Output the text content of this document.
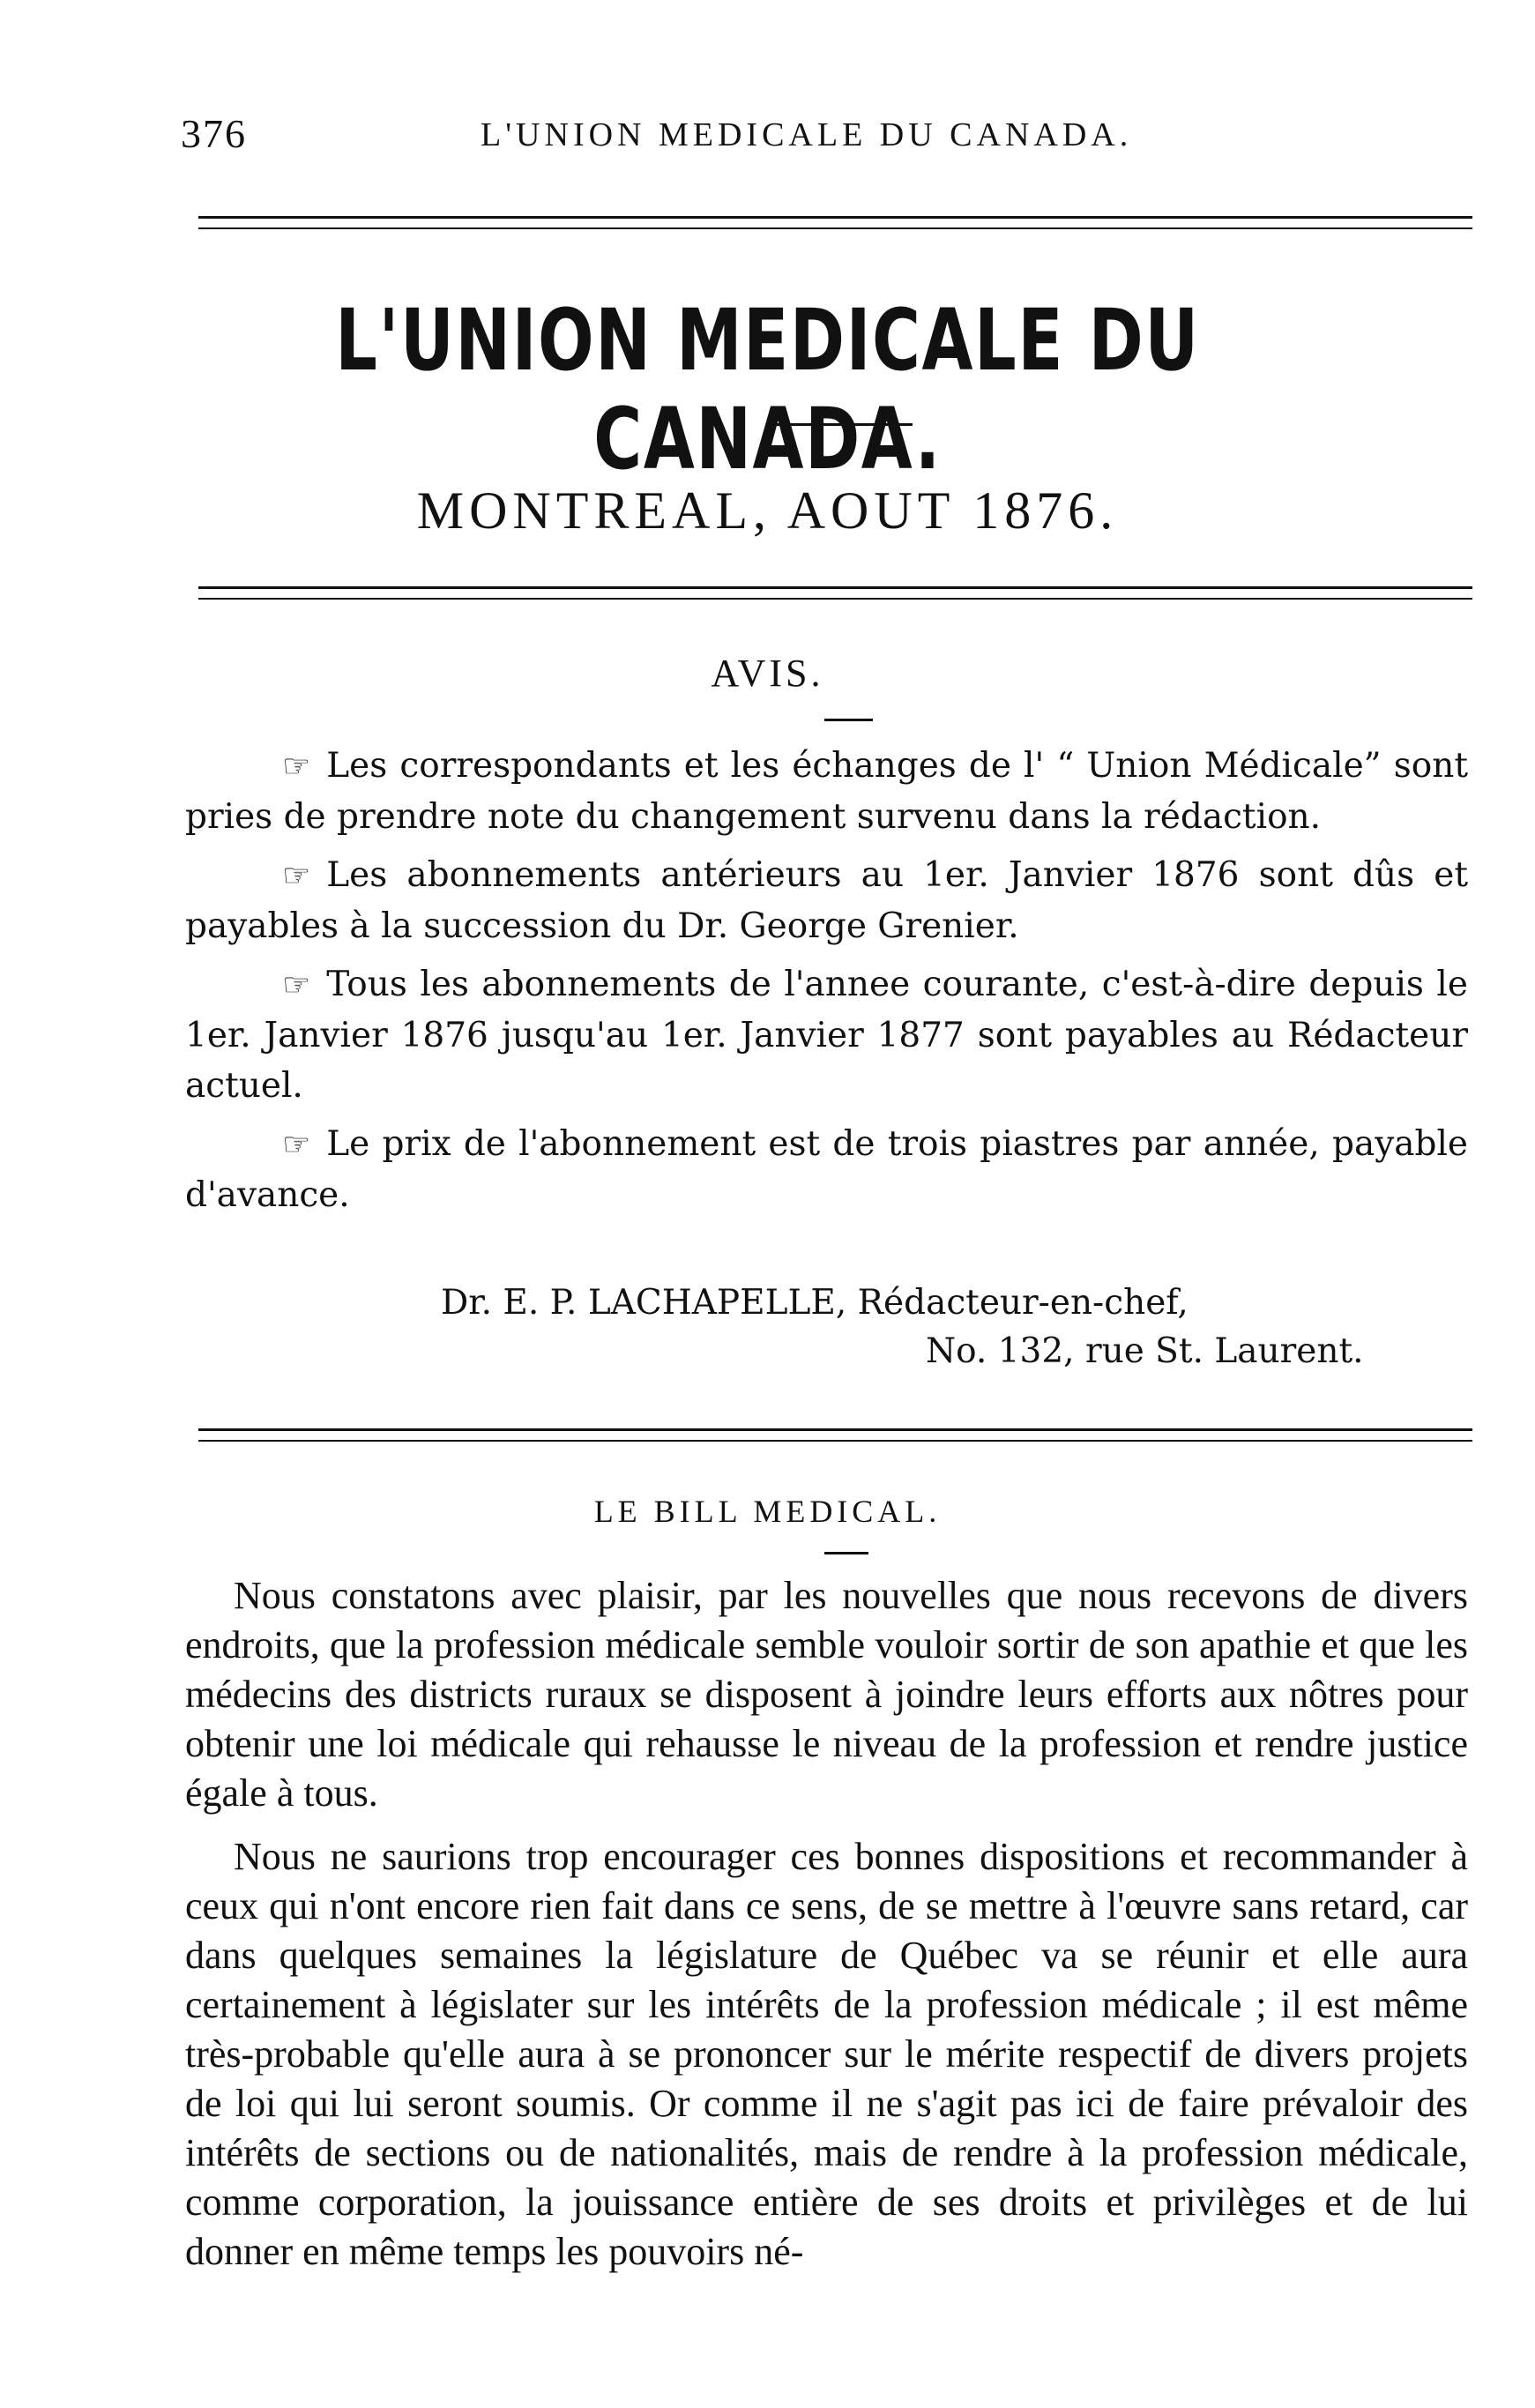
376	L'UNION MEDICALE DU CANADA.
L'UNION MEDICALE DU CANADA.
MONTREAL, AOUT 1876.
AVIS.

☞ Les correspondants et les échanges de l' “ Union Médicale” sont pries de prendre note du changement survenu dans la rédaction.

☞ Les abonnements antérieurs au 1er. Janvier 1876 sont dûs et payables à la succession du Dr. George Grenier.

☞ Tous les abonnements de l'annee courante, c'est-à-dire depuis le 1er. Janvier 1876 jusqu'au 1er. Janvier 1877 sont payables au Rédacteur actuel.

☞ Le prix de l'abonnement est de trois piastres par année, payable d'avance.

Dr. E. P. LACHAPELLE, Rédacteur-en-chef,
No. 132, rue St. Laurent.
LE BILL MEDICAL.

Nous constatons avec plaisir, par les nouvelles que nous recevons de divers endroits, que la profession médicale semble vouloir sortir de son apathie et que les médecins des districts ruraux se disposent à joindre leurs efforts aux nôtres pour obtenir une loi médicale qui rehausse le niveau de la profession et rendre justice égale à tous.

Nous ne saurions trop encourager ces bonnes dispositions et recommander à ceux qui n'ont encore rien fait dans ce sens, de se mettre à l'œuvre sans retard, car dans quelques semaines la législature de Québec va se réunir et elle aura certainement à législater sur les intérêts de la profession médicale ; il est même très-probable qu'elle aura à se prononcer sur le mérite respectif de divers projets de loi qui lui seront soumis. Or comme il ne s'agit pas ici de faire prévaloir des intérêts de sections ou de nationalités, mais de rendre à la profession médicale, comme corporation, la jouissance entière de ses droits et privilèges et de lui donner en même temps les pouvoirs né-
